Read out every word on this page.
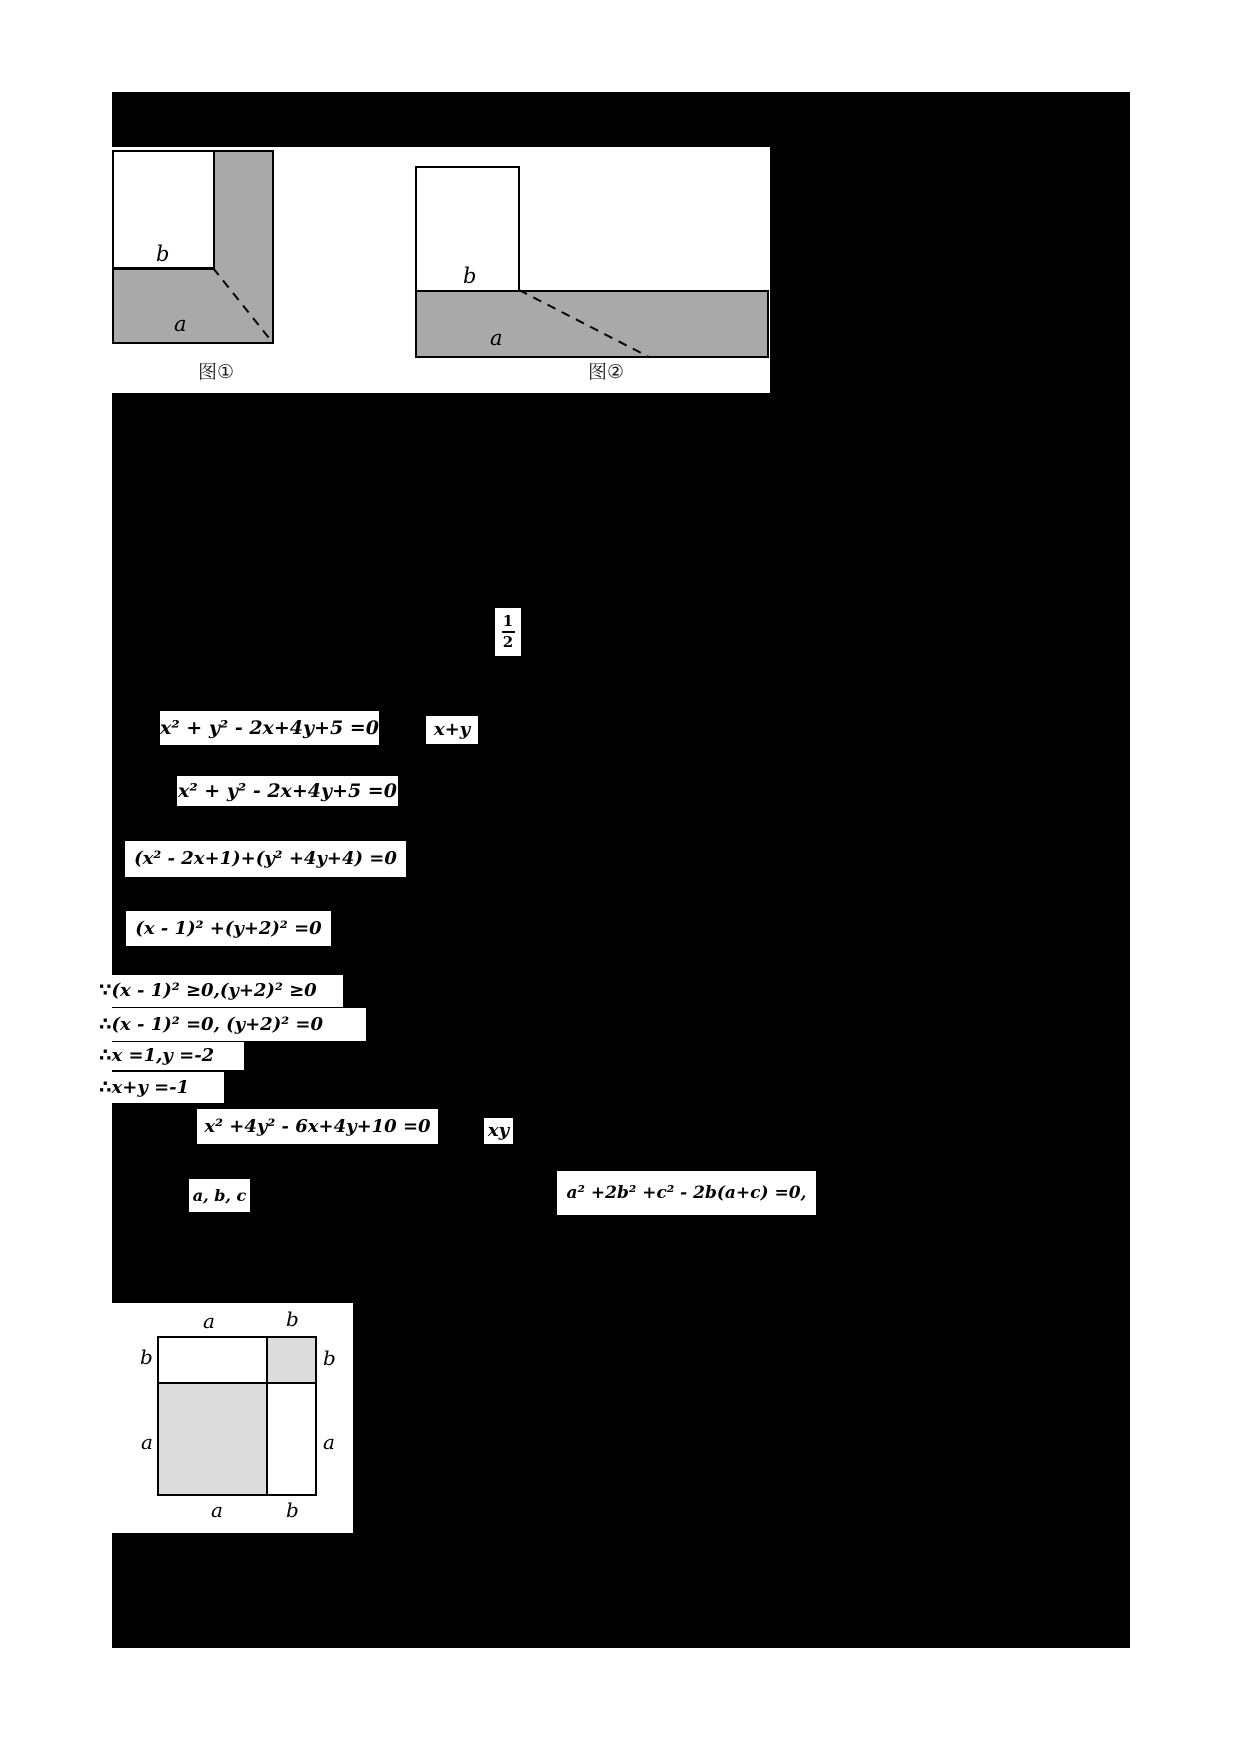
b
a
图①
a
b
图②
1
2
x² + y² - 2x+4y+5 =0	x+y
x² + y² - 2x+4y+5 =0
(x² - 2x+1)+(y² +4y+4) =0
(x - 1)² +(y+2)² =0
∵(x - 1)² ≥0,(y+2)² ≥0
∴(x - 1)² =0, (y+2)² =0
∴x =1,y =-2
∴x+y =-1
x² +4y² - 6x+4y+10 =0	xy
a, b, c	a² +2b² +c² - 2b(a+c) =0,
a	b
b	b
a	a
a	b
